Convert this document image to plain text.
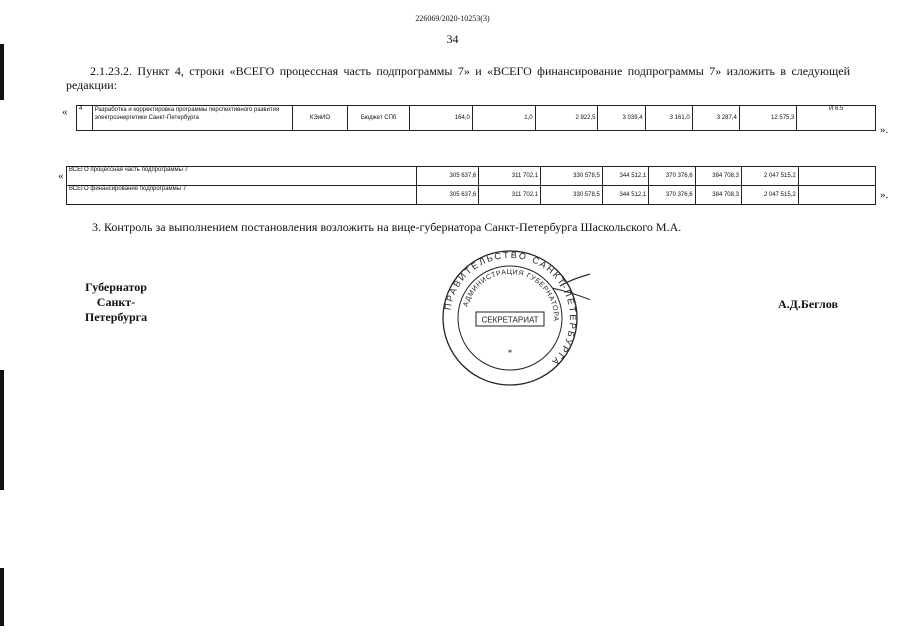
226069/2020-10253(3)
34
2.1.23.2. Пункт 4, строки «ВСЕГО процессная часть подпрограммы 7» и «ВСЕГО финансирование подпрограммы 7» изложить в следующей редакции:
« 4	Разработка и корректировка программы перспективного развития электроэнергетики Санкт-Петербурга	КЭиИО	Бюджет СПб	164,0	1,0	2 922,5	3 039,4	3 161,0	3 287,4	12 575,3	И 6.5
».
« ВСЕГО процессная часть подпрограммы 7	305 637,6	311 702,1	330 578,5	344 512,1	370 376,6	384 708,3	2 047 515,2	
ВСЕГО финансирование подпрограммы 7	305 637,6	311 702,1	330 578,5	344 512,1	370 376,6	384 708,3	2 047 515,2		».
3. Контроль за выполнением постановления возложить на вице-губернатора Санкт-Петербурга Шаскольского М.А.
Губернатор
Санкт-Петербурга
ПРАВИТЕЛЬСТВО САНКТ-ПЕТЕРБУРГА
АДМИНИСТРАЦИЯ ГУБЕРНАТОРА
СЕКРЕТАРИАТ
*
А.Д.Беглов
